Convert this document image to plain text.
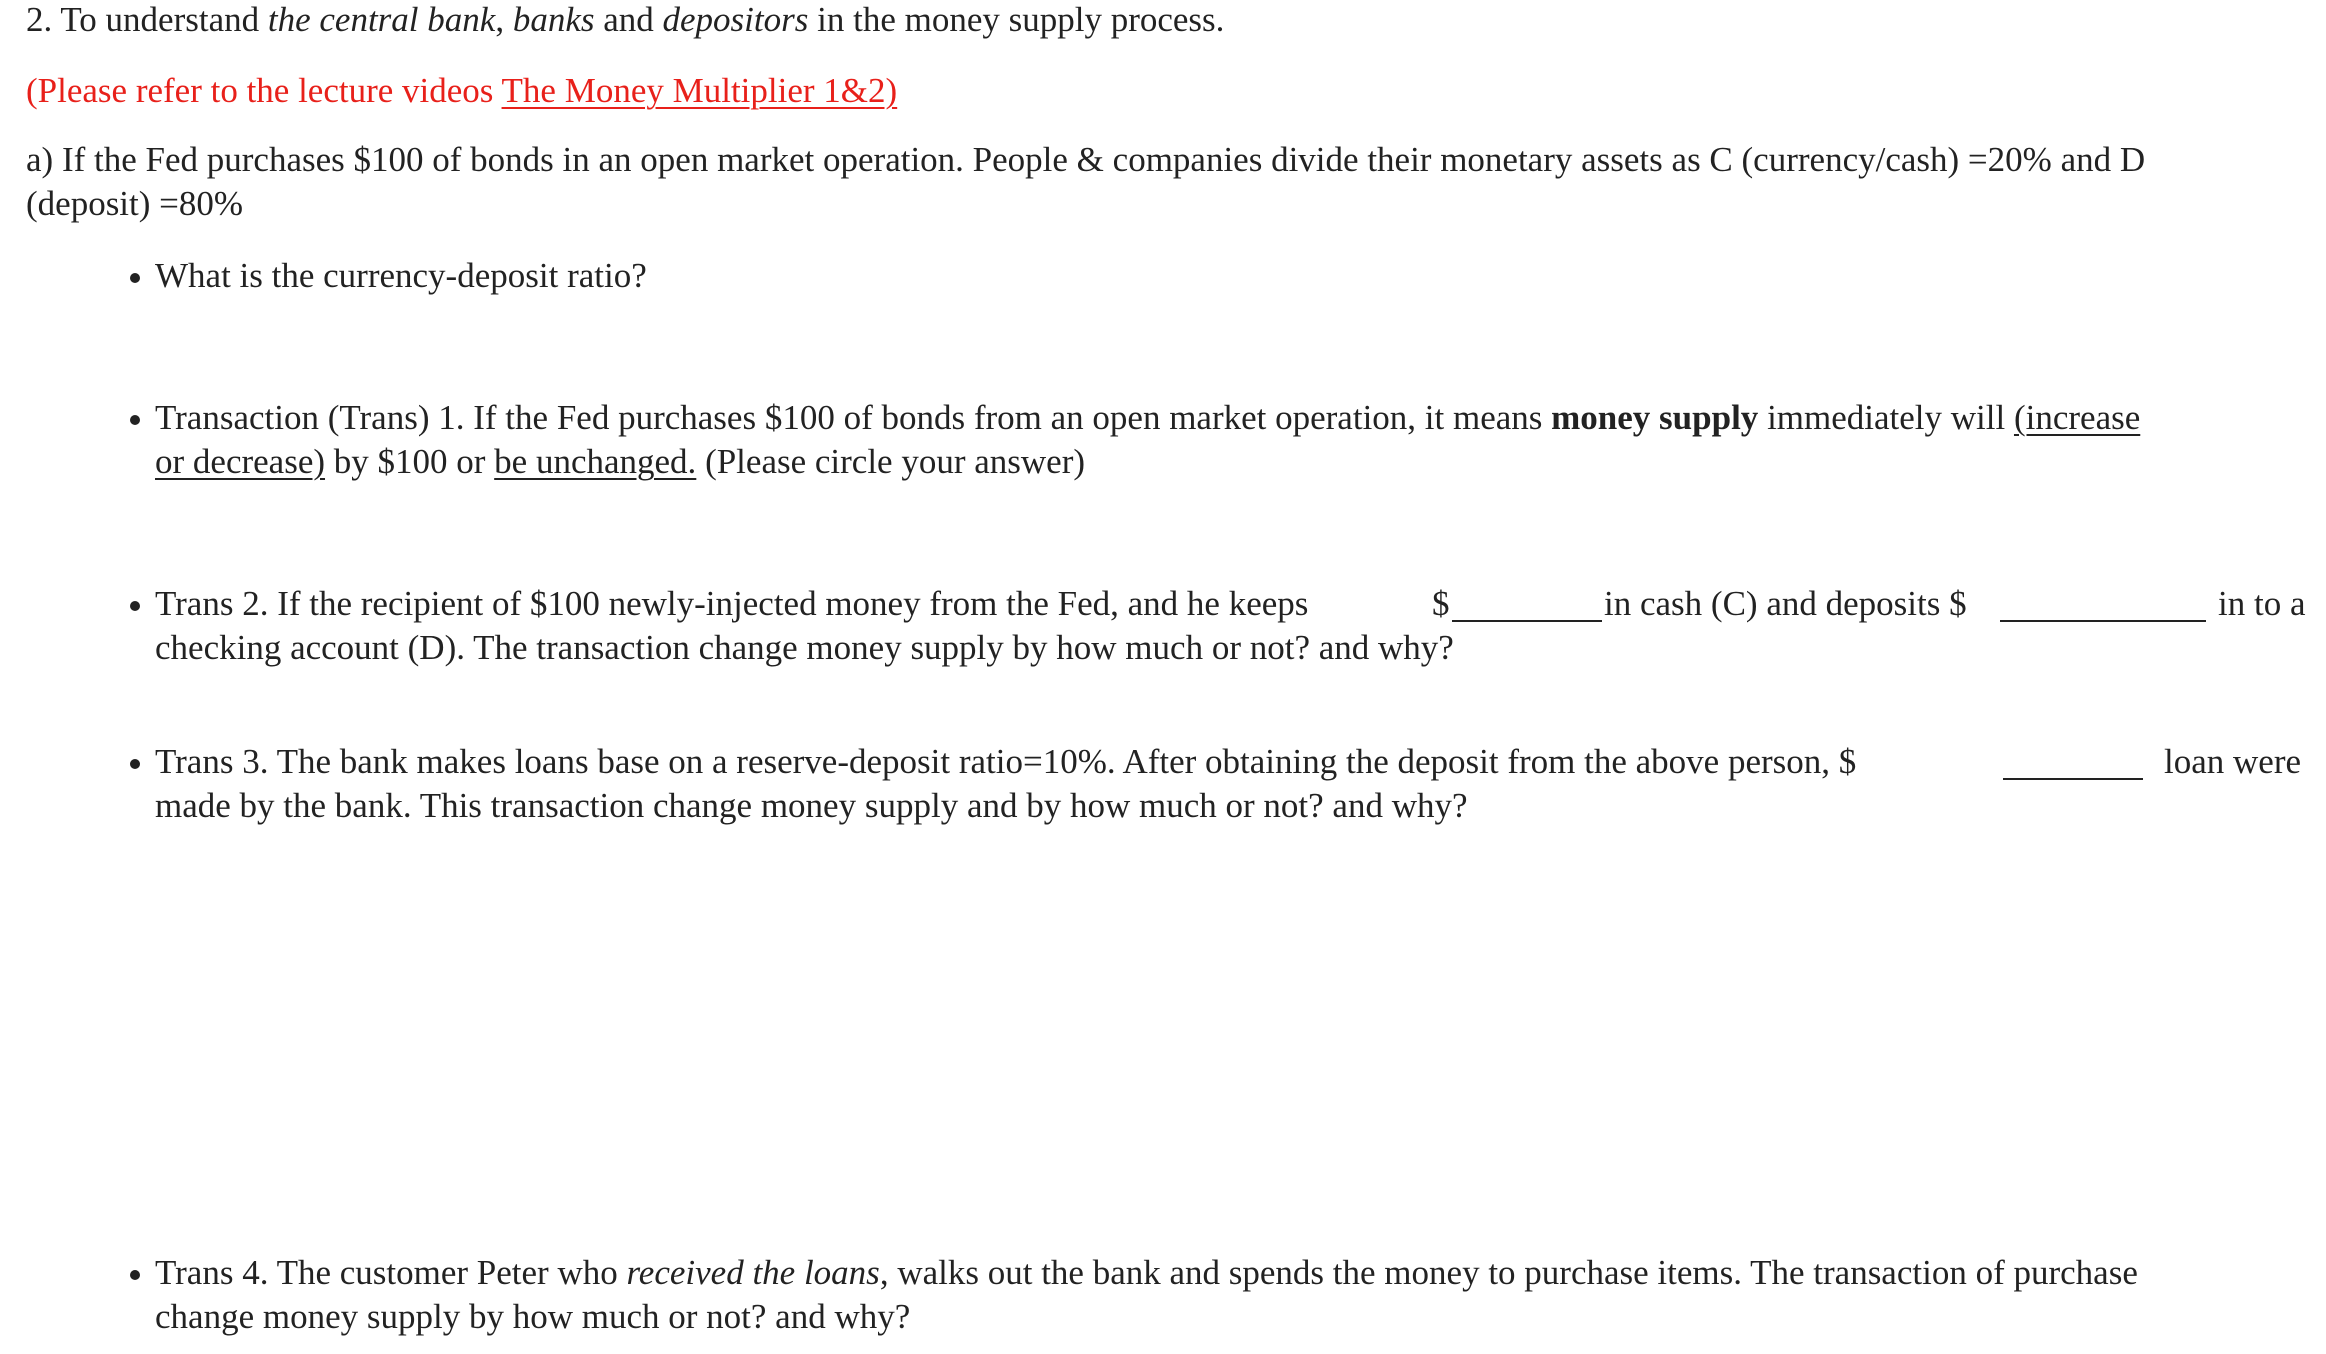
2. To understand the central bank, banks and depositors in the money supply process.
(Please refer to the lecture videos The Money Multiplier 1&2)
a) If the Fed purchases $100 of bonds in an open market operation. People & companies divide their monetary assets as C (currency/cash) =20% and D
(deposit) =80%
What is the currency-deposit ratio?
Transaction (Trans) 1. If the Fed purchases $100 of bonds from an open market operation, it means money supply immediately will (increase
or decrease) by $100 or be unchanged. (Please circle your answer)
Trans 2. If the recipient of $100 newly-injected money from the Fed, and he keeps	$	in cash (C) and deposits $	in to a
checking account (D). The transaction change money supply by how much or not? and why?
Trans 3. The bank makes loans base on a reserve-deposit ratio=10%. After obtaining the deposit from the above person, $	loan were
made by the bank. This transaction change money supply and by how much or not? and why?
Trans 4. The customer Peter who received the loans, walks out the bank and spends the money to purchase items. The transaction of purchase
change money supply by how much or not? and why?
